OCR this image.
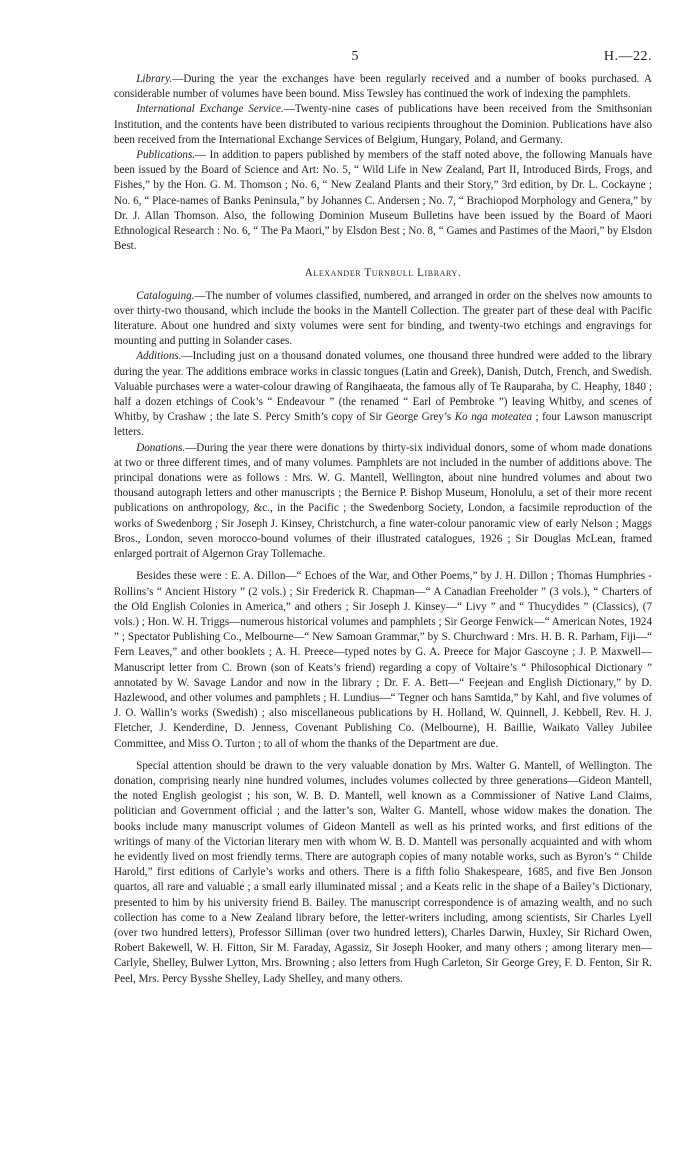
5	H.—22.

Library.—During the year the exchanges have been regularly received and a number of books purchased. A considerable number of volumes have been bound. Miss Tewsley has continued the work of indexing the pamphlets.

International Exchange Service.—Twenty-nine cases of publications have been received from the Smithsonian Institution, and the contents have been distributed to various recipients throughout the Dominion. Publications have also been received from the International Exchange Services of Belgium, Hungary, Poland, and Germany.

Publications.— In addition to papers published by members of the staff noted above, the following Manuals have been issued by the Board of Science and Art: No. 5, “ Wild Life in New Zealand, Part II, Introduced Birds, Frogs, and Fishes,” by the Hon. G. M. Thomson ; No. 6, “ New Zealand Plants and their Story,” 3rd edition, by Dr. L. Cockayne ; No. 6, “ Place-names of Banks Peninsula,” by Johannes C. Andersen ; No. 7, “ Brachiopod Morphology and Genera,” by Dr. J. Allan Thomson. Also, the following Dominion Museum Bulletins have been issued by the Board of Maori Ethnological Research : No. 6, “ The Pa Maori,” by Elsdon Best ; No. 8, “ Games and Pastimes of the Maori,” by Elsdon Best.

Alexander Turnbull Library.

Cataloguing.—The number of volumes classified, numbered, and arranged in order on the shelves now amounts to over thirty-two thousand, which include the books in the Mantell Collection. The greater part of these deal with Pacific literature. About one hundred and sixty volumes were sent for binding, and twenty-two etchings and engravings for mounting and putting in Solander cases.

Additions.—Including just on a thousand donated volumes, one thousand three hundred were added to the library during the year. The additions embrace works in classic tongues (Latin and Greek), Danish, Dutch, French, and Swedish. Valuable purchases were a water-colour drawing of Rangihaeata, the famous ally of Te Rauparaha, by C. Heaphy, 1840 ; half a dozen etchings of Cook’s “ Endeavour ” (the renamed “ Earl of Pembroke ”) leaving Whitby, and scenes of Whitby, by Crashaw ; the late S. Percy Smith’s copy of Sir George Grey’s Ko nga moteatea ; four Lawson manuscript letters.

Donations.—During the year there were donations by thirty-six individual donors, some of whom made donations at two or three different times, and of many volumes. Pamphlets are not included in the number of additions above. The principal donations were as follows : Mrs. W. G. Mantell, Wellington, about nine hundred volumes and about two thousand autograph letters and other manuscripts ; the Bernice P. Bishop Museum, Honolulu, a set of their more recent publications on anthropology, &c., in the Pacific ; the Swedenborg Society, London, a facsimile reproduction of the works of Swedenborg ; Sir Joseph J. Kinsey, Christchurch, a fine water-colour panoramic view of early Nelson ; Maggs Bros., London, seven morocco-bound volumes of their illustrated catalogues, 1926 ; Sir Douglas McLean, framed enlarged portrait of Algernon Gray Tollemache.

Besides these were : E. A. Dillon—“ Echoes of the War, and Other Poems,” by J. H. Dillon ; Thomas Humphries - Rollins’s “ Ancient History ” (2 vols.) ; Sir Frederick R. Chapman—“ A Canadian Freeholder ” (3 vols.), “ Charters of the Old English Colonies in America,” and others ; Sir Joseph J. Kinsey—“ Livy ” and “ Thucydides ” (Classics), (7 vols.) ; Hon. W. H. Triggs—numerous historical volumes and pamphlets ; Sir George Fenwick—“ American Notes, 1924 ” ; Spectator Publishing Co., Melbourne—“ New Samoan Grammar,” by S. Churchward : Mrs. H. B. R. Parham, Fiji—“ Fern Leaves,” and other booklets ; A. H. Preece—typed notes by G. A. Preece for Major Gascoyne ; J. P. Maxwell—Manuscript letter from C. Brown (son of Keats’s friend) regarding a copy of Voltaire’s “ Philosophical Dictionary ” annotated by W. Savage Landor and now in the library ; Dr. F. A. Bett—“ Feejean and English Dictionary,” by D. Hazlewood, and other volumes and pamphlets ; H. Lundius—“ Tegner och hans Samtida,” by Kahl, and five volumes of J. O. Wallin’s works (Swedish) ; also miscellaneous publications by H. Holland, W. Quinnell, J. Kebbell, Rev. H. J. Fletcher, J. Kenderdine, D. Jenness, Covenant Publishing Co. (Melbourne), H. Baillie, Waikato Valley Jubilee Committee, and Miss O. Turton ; to all of whom the thanks of the Department are due.

Special attention should be drawn to the very valuable donation by Mrs. Walter G. Mantell, of Wellington. The donation, comprising nearly nine hundred volumes, includes volumes collected by three generations—Gideon Mantell, the noted English geologist ; his son, W. B. D. Mantell, well known as a Commissioner of Native Land Claims, politician and Government official ; and the latter’s son, Walter G. Mantell, whose widow makes the donation. The books include many manuscript volumes of Gideon Mantell as well as his printed works, and first editions of the writings of many of the Victorian literary men with whom W. B. D. Mantell was personally acquainted and with whom he evidently lived on most friendly terms. There are autograph copies of many notable works, such as Byron’s “ Childe Harold,” first editions of Carlyle’s works and others. There is a fifth folio Shakespeare, 1685, and five Ben Jonson quartos, all rare and valuable ; a small early illuminated missal ; and a Keats relic in the shape of a Bailey’s Dictionary, presented to him by his university friend B. Bailey. The manuscript correspondence is of amazing wealth, and no such collection has come to a New Zealand library before, the letter-writers including, among scientists, Sir Charles Lyell (over two hundred letters), Professor Silliman (over two hundred letters), Charles Darwin, Huxley, Sir Richard Owen, Robert Bakewell, W. H. Fitton, Sir M. Faraday, Agassiz, Sir Joseph Hooker, and many others ; among literary men—Carlyle, Shelley, Bulwer Lytton, Mrs. Browning ; also letters from Hugh Carleton, Sir George Grey, F. D. Fenton, Sir R. Peel, Mrs. Percy Bysshe Shelley, Lady Shelley, and many others.
